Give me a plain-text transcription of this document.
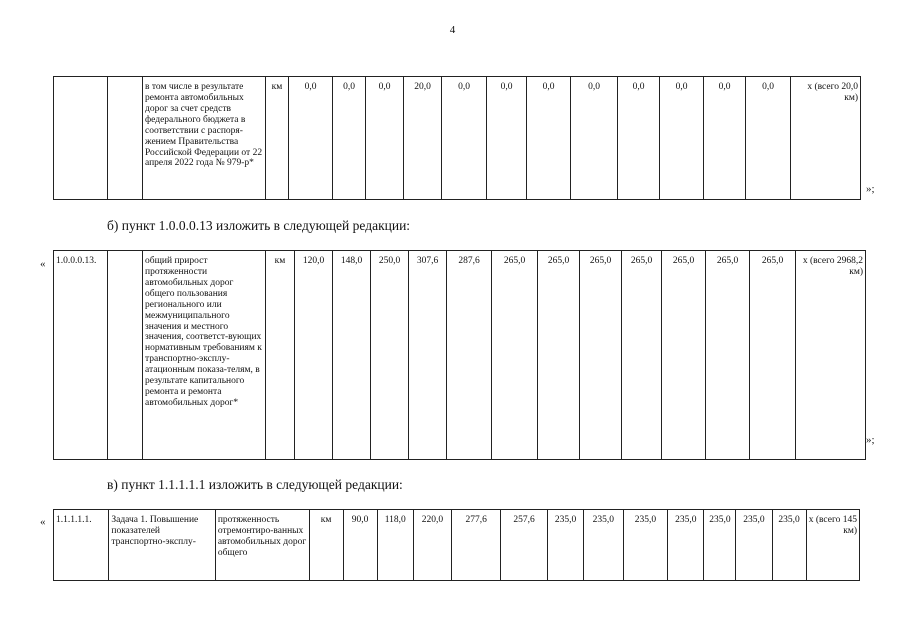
4
		в том числе в результате ремонта автомобильных дорог за счет средств федерального бюджета в соответствии с распоря-жением Правительства Российской Федерации от 22 апреля 2022 года № 979-р*	км	0,0	0,0	0,0	20,0	0,0	0,0	0,0	0,0	0,0	0,0	0,0	0,0	х (всего 20,0 км)
»;
б) пункт 1.0.0.0.13 изложить в следующей редакции:
« 1.0.0.0.13.		общий прирост протяженности автомобильных дорог общего пользования регионального или межмуниципального значения и местного значения, соответст-вующих нормативным требованиям к транспортно-эксплу-атационным показа-телям, в результате капитального ремонта и ремонта автомобильных дорог*	км	120,0	148,0	250,0	307,6	287,6	265,0	265,0	265,0	265,0	265,0	265,0	265,0	х (всего 2968,2 км)
»;
в) пункт 1.1.1.1.1 изложить в следующей редакции:
« 1.1.1.1.1.	Задача 1. Повышение показателей транспортно-эксплу-	протяженность отремонтиро-ванных автомобильных дорог общего	км	90,0	118,0	220,0	277,6	257,6	235,0	235,0	235,0	235,0	235,0	235,0	235,0	х (всего 145 км)
